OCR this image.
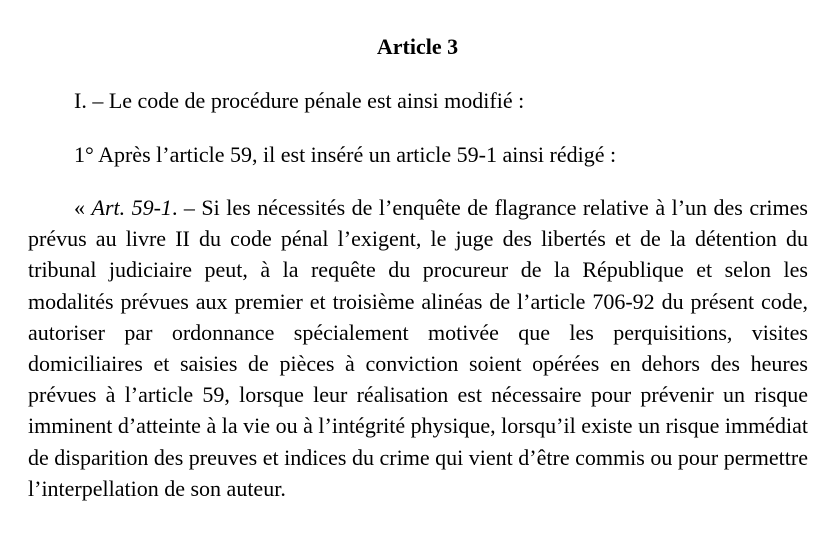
Article 3

I. – Le code de procédure pénale est ainsi modifié :

1° Après l’article 59, il est inséré un article 59-1 ainsi rédigé :

« Art. 59-1. – Si les nécessités de l’enquête de flagrance relative à l’un des crimes prévus au livre II du code pénal l’exigent, le juge des libertés et de la détention du tribunal judiciaire peut, à la requête du procureur de la République et selon les modalités prévues aux premier et troisième alinéas de l’article 706-92 du présent code, autoriser par ordonnance spécialement motivée que les perquisitions, visites domiciliaires et saisies de pièces à conviction soient opérées en dehors des heures prévues à l’article 59, lorsque leur réalisation est nécessaire pour prévenir un risque imminent d’atteinte à la vie ou à l’intégrité physique, lorsqu’il existe un risque immédiat de disparition des preuves et indices du crime qui vient d’être commis ou pour permettre l’interpellation de son auteur.
